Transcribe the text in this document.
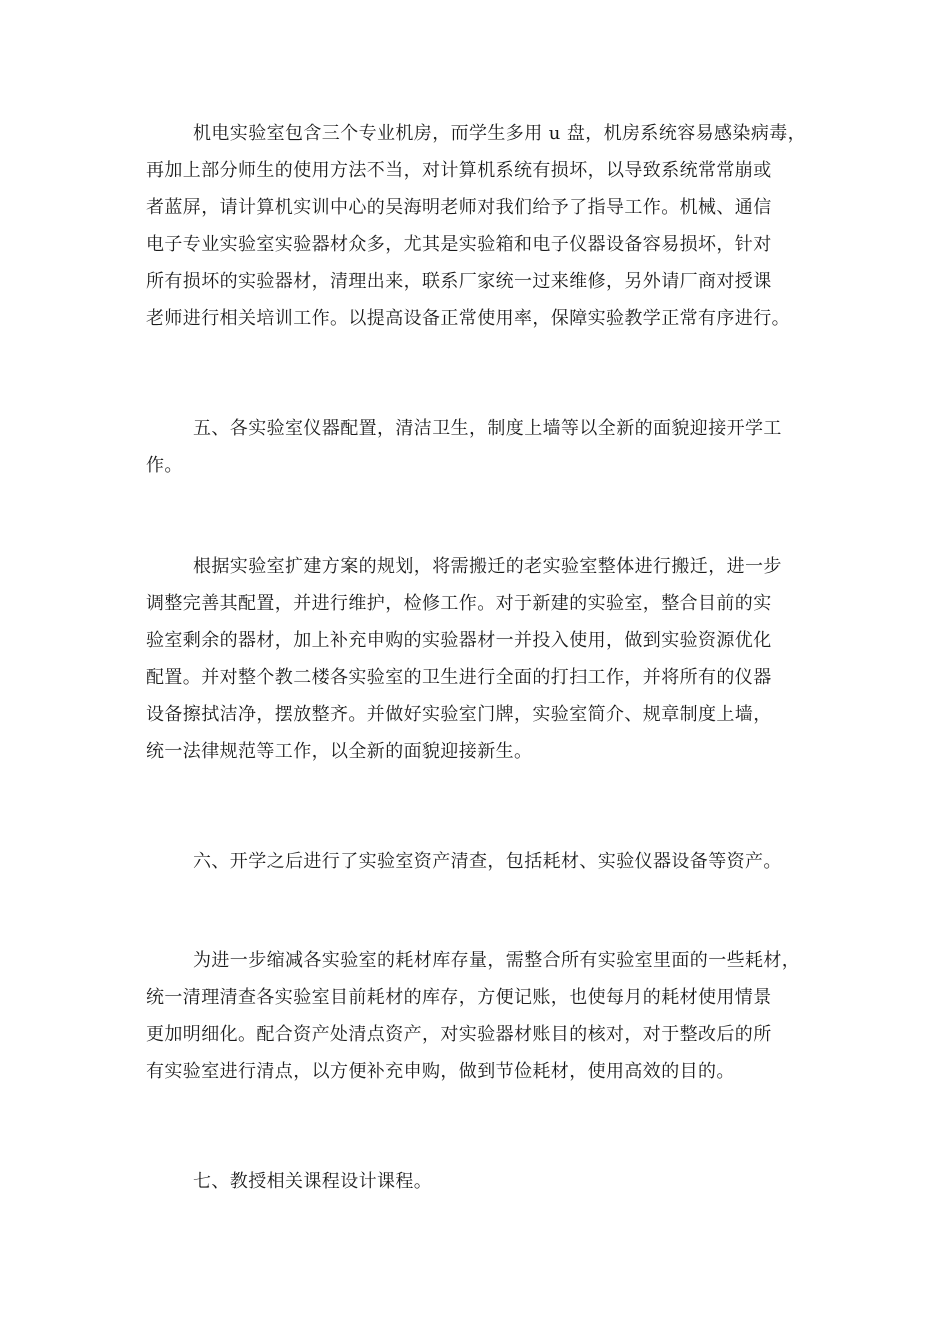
机电实验室包含三个专业机房，而学生多用 u 盘，机房系统容易感染病毒，
再加上部分师生的使用方法不当，对计算机系统有损坏，以导致系统常常崩或
者蓝屏，请计算机实训中心的吴海明老师对我们给予了指导工作。机械、通信
电子专业实验室实验器材众多，尤其是实验箱和电子仪器设备容易损坏，针对
所有损坏的实验器材，清理出来，联系厂家统一过来维修，另外请厂商对授课
老师进行相关培训工作。以提高设备正常使用率，保障实验教学正常有序进行。
五、各实验室仪器配置，清洁卫生，制度上墙等以全新的面貌迎接开学工
作。
根据实验室扩建方案的规划，将需搬迁的老实验室整体进行搬迁，进一步
调整完善其配置，并进行维护，检修工作。对于新建的实验室，整合目前的实
验室剩余的器材，加上补充申购的实验器材一并投入使用，做到实验资源优化
配置。并对整个教二楼各实验室的卫生进行全面的打扫工作，并将所有的仪器
设备擦拭洁净，摆放整齐。并做好实验室门牌，实验室简介、规章制度上墙，
统一法律规范等工作，以全新的面貌迎接新生。
六、开学之后进行了实验室资产清查，包括耗材、实验仪器设备等资产。
为进一步缩减各实验室的耗材库存量，需整合所有实验室里面的一些耗材，
统一清理清查各实验室目前耗材的库存，方便记账，也使每月的耗材使用情景
更加明细化。配合资产处清点资产，对实验器材账目的核对，对于整改后的所
有实验室进行清点，以方便补充申购，做到节俭耗材，使用高效的目的。
七、教授相关课程设计课程。
